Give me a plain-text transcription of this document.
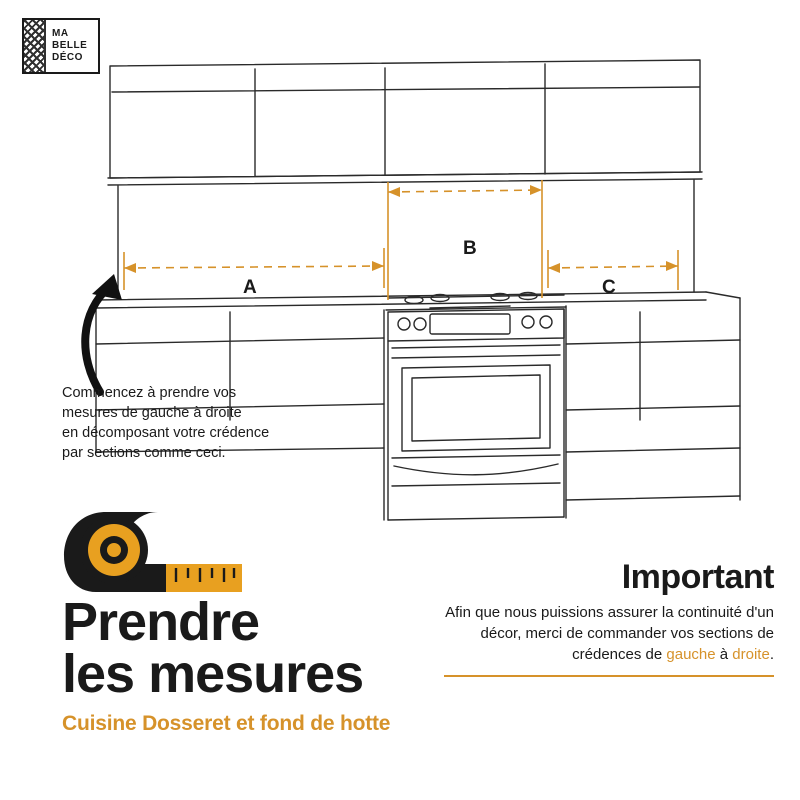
MA
BELLE
DÉCO
A
B
C
Commencez à prendre vos
mesures de gauche à droite
en décomposant votre crédence
par sections comme ceci.
Prendre
les mesures
Cuisine Dosseret et fond de hotte
Important
Afin que nous puissions assurer la continuité d'un décor, merci de commander vos sections de crédences de gauche à droite.
